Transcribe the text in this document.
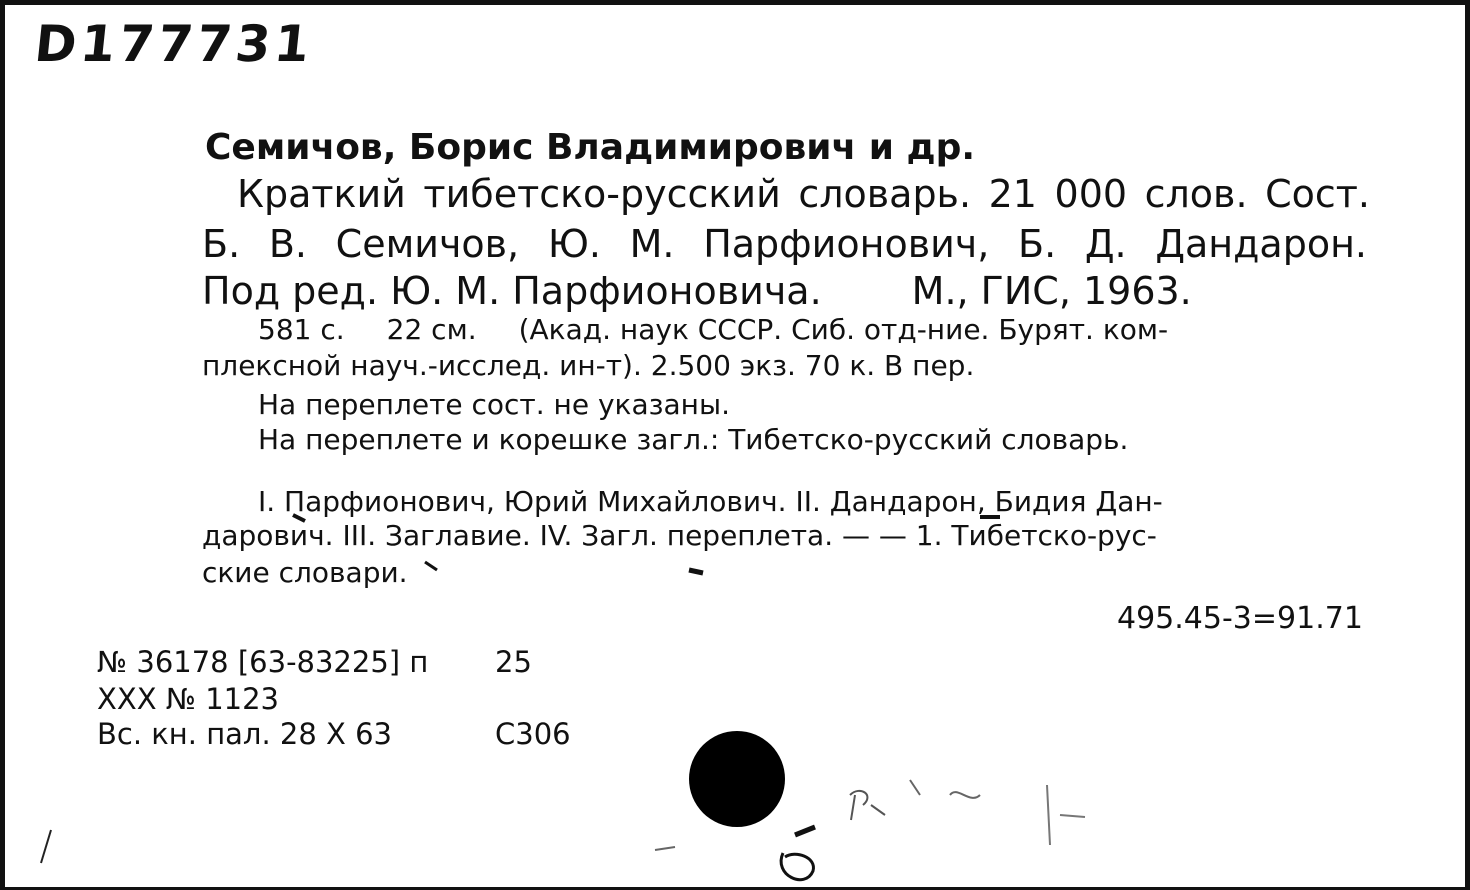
D177731
Семичов, Борис Владимирович и др.
Краткий тибетско-русский словарь. 21 000 слов. Сост.
Б. В. Семичов, Ю. М. Парфионович, Б. Д. Дандарон.
Под ред. Ю. М. Парфионовича. М., ГИС, 1963.
581 с. 22 см. (Акад. наук СССР. Сиб. отд-ние. Бурят. ком-
плексной науч.-исслед. ин-т). 2.500 экз. 70 к. В пер.
На переплете сост. не указаны.
На переплете и корешке загл.: Тибетско-русский словарь.
I. Парфионович, Юрий Михайлович. II. Дандарон, Бидия Дан-
дарович. III. Заглавие. IV. Загл. переплета. — — 1. Тибетско-рус-
ские словари.
495.45-3=91.71
№ 36178 [63-83225] п 25
XXX № 1123
Вс. кн. пал. 28 X 63	С306
